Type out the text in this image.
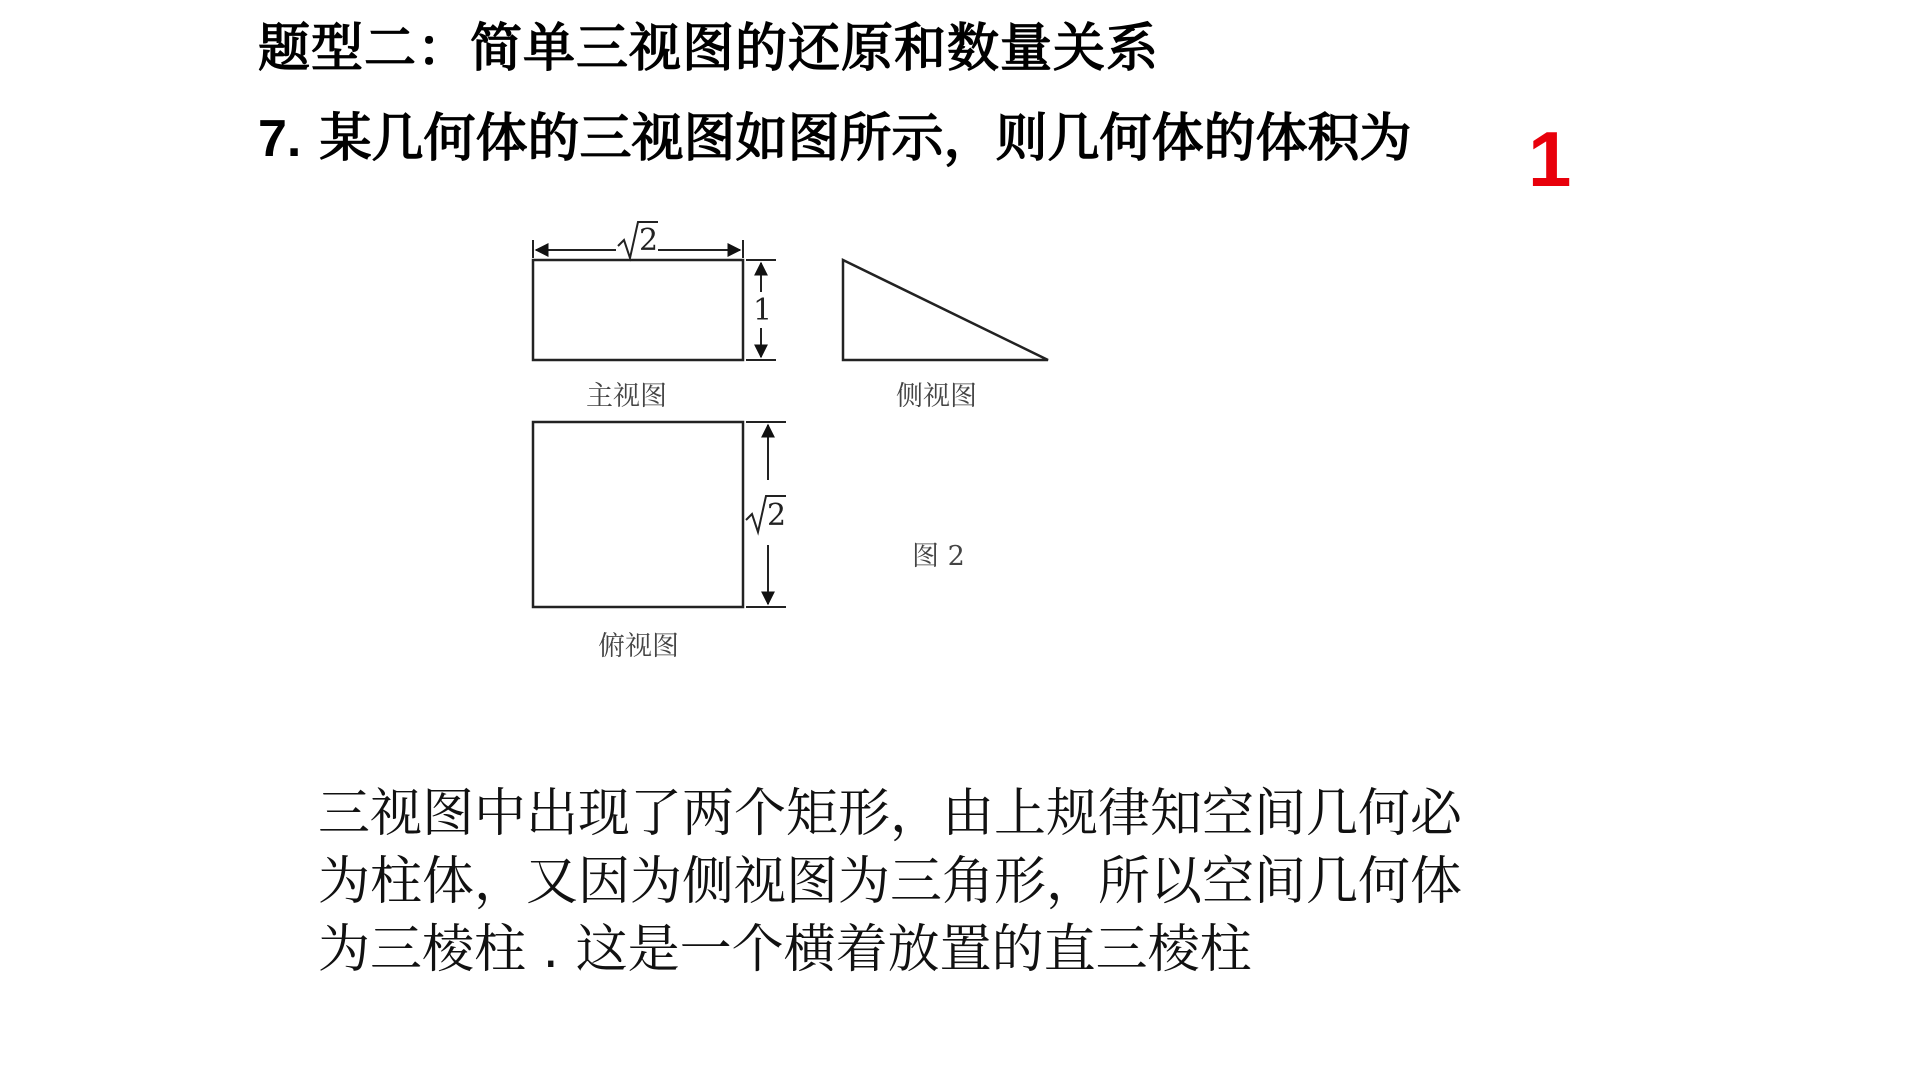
题型二：简单三视图的还原和数量关系
7. 某几何体的三视图如图所示，则几何体的体积为 1
2
1
主视图	侧视图
2
俯视图
图 2
三视图中出现了两个矩形，由上规律知空间几何必
为柱体，又因为侧视图为三角形，所以空间几何体
为三棱柱 . 这是一个横着放置的直三棱柱
